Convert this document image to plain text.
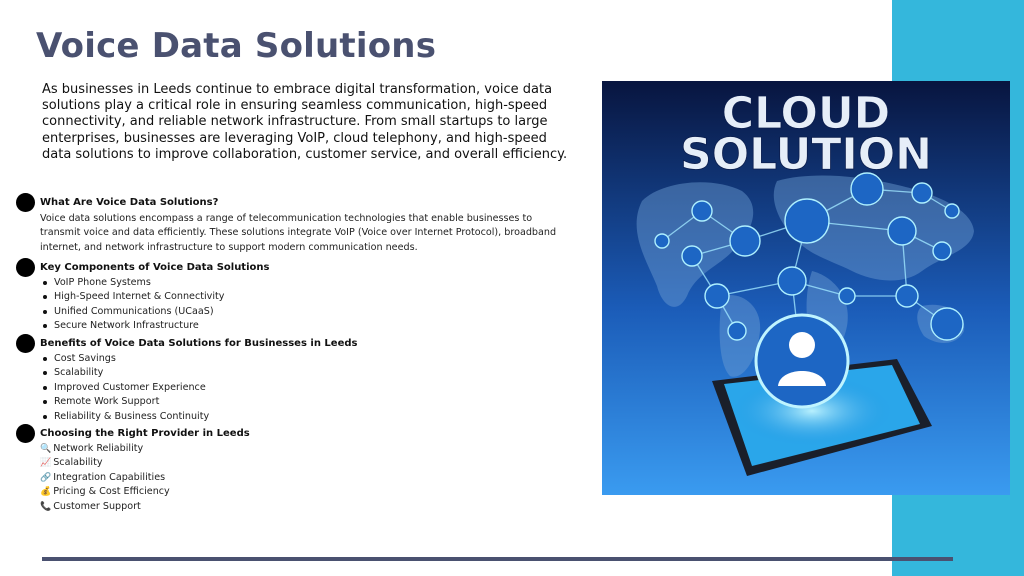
Voice Data Solutions

As businesses in Leeds continue to embrace digital transformation, voice data solutions play a critical role in ensuring seamless communication, high-speed connectivity, and reliable network infrastructure. From small startups to large enterprises, businesses are leveraging VoIP, cloud telephony, and high-speed data solutions to improve collaboration, customer service, and overall efficiency.

What Are Voice Data Solutions?

Voice data solutions encompass a range of telecommunication technologies that enable businesses to transmit voice and data efficiently. These solutions integrate VoIP (Voice over Internet Protocol), broadband internet, and network infrastructure to support modern communication needs.

Key Components of Voice Data Solutions
VoIP Phone Systems
High-Speed Internet & Connectivity
Unified Communications (UCaaS)
Secure Network Infrastructure
Benefits of Voice Data Solutions for Businesses in Leeds
Cost Savings
Scalability
Improved Customer Experience
Remote Work Support
Reliability & Business Continuity
Choosing the Right Provider in Leeds
🔍 Network Reliability
📈 Scalability
🔗 Integration Capabilities
💰 Pricing & Cost Efficiency
📞 Customer Support
CLOUD
SOLUTION
